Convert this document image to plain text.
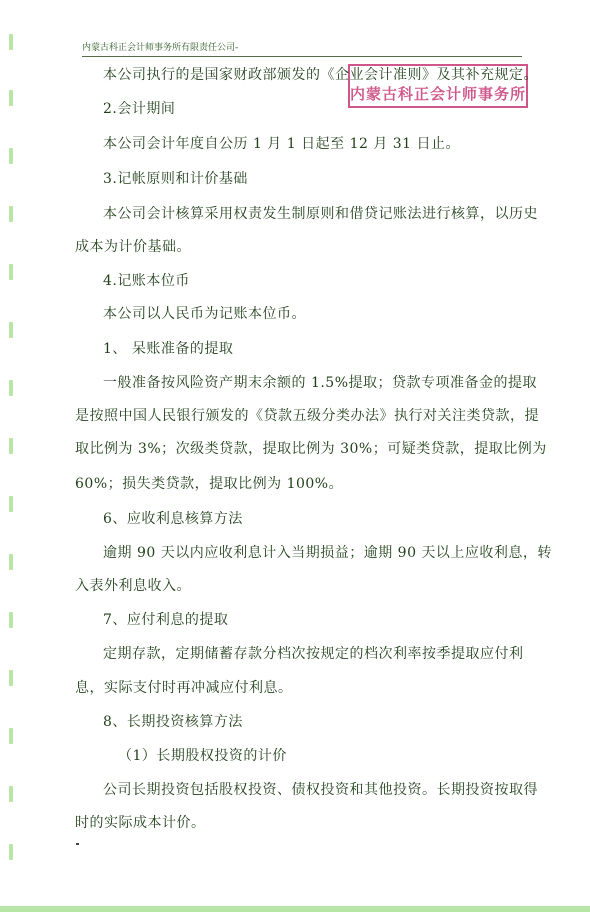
内蒙古科正会计师事务所有限责任公司-
内蒙古科正会计师事务所
本公司执行的是国家财政部颁发的《企业会计准则》及其补充规定。
2.会计期间
本公司会计年度自公历 1 月 1 日起至 12 月 31 日止。
3.记帐原则和计价基础
本公司会计核算采用权责发生制原则和借贷记账法进行核算，以历史
成本为计价基础。
4.记账本位币
本公司以人民币为记账本位币。
1、 呆账准备的提取
一般准备按风险资产期末余额的 1.5%提取；贷款专项准备金的提取
是按照中国人民银行颁发的《贷款五级分类办法》执行对关注类贷款，提
取比例为 3%；次级类贷款，提取比例为 30%；可疑类贷款，提取比例为
60%；损失类贷款，提取比例为 100%。
6、应收利息核算方法
逾期 90 天以内应收利息计入当期损益；逾期 90 天以上应收利息，转
入表外利息收入。
7、应付利息的提取
定期存款，定期储蓄存款分档次按规定的档次利率按季提取应付利
息，实际支付时再冲减应付利息。
8、长期投资核算方法
（1）长期股权投资的计价
公司长期投资包括股权投资、债权投资和其他投资。长期投资按取得
时的实际成本计价。
